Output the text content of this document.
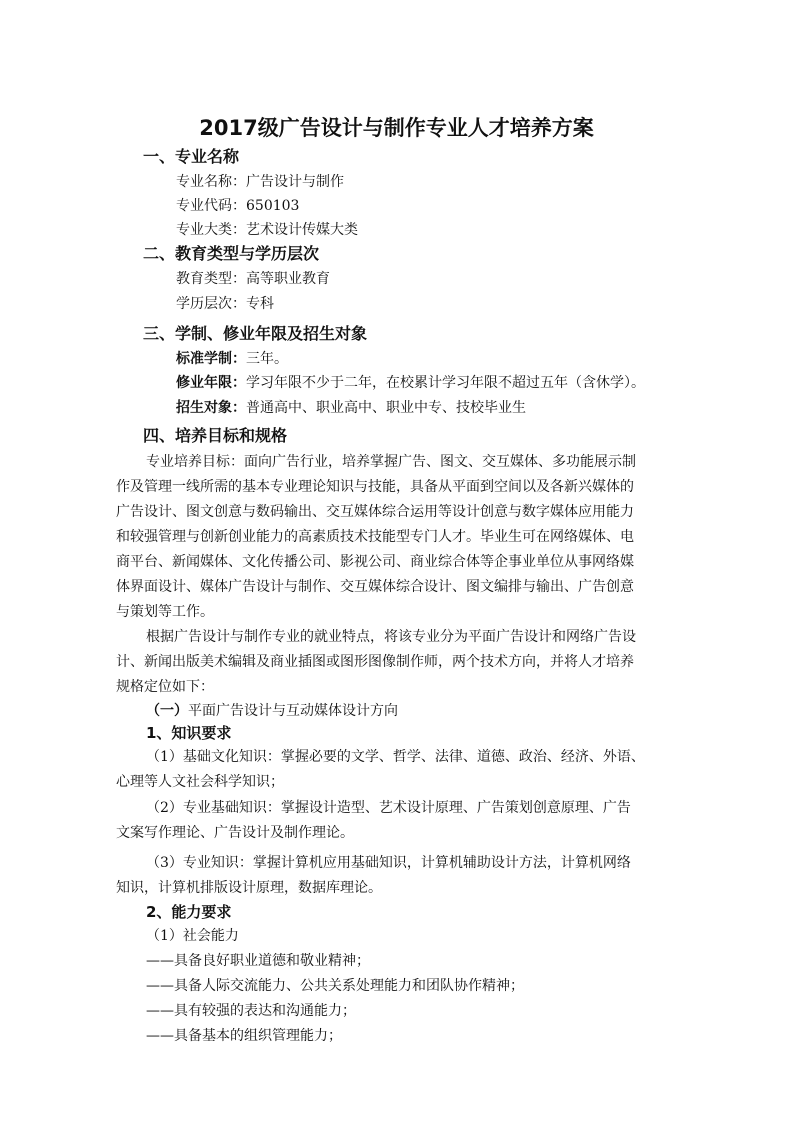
2017级广告设计与制作专业人才培养方案
一、专业名称
专业名称：广告设计与制作
专业代码：650103
专业大类：艺术设计传媒大类
二、教育类型与学历层次
教育类型：高等职业教育
学历层次：专科
三、学制、修业年限及招生对象
标准学制：三年。
修业年限：学习年限不少于二年，在校累计学习年限不超过五年（含休学）。
招生对象：普通高中、职业高中、职业中专、技校毕业生
四、培养目标和规格
专业培养目标：面向广告行业，培养掌握广告、图文、交互媒体、多功能展示制
作及管理一线所需的基本专业理论知识与技能，具备从平面到空间以及各新兴媒体的
广告设计、图文创意与数码输出、交互媒体综合运用等设计创意与数字媒体应用能力
和较强管理与创新创业能力的高素质技术技能型专门人才。毕业生可在网络媒体、电
商平台、新闻媒体、文化传播公司、影视公司、商业综合体等企事业单位从事网络媒
体界面设计、媒体广告设计与制作、交互媒体综合设计、图文编排与输出、广告创意
与策划等工作。
根据广告设计与制作专业的就业特点，将该专业分为平面广告设计和网络广告设
计、新闻出版美术编辑及商业插图或图形图像制作师，两个技术方向，并将人才培养
规格定位如下：
（一）平面广告设计与互动媒体设计方向
1、知识要求
（1）基础文化知识：掌握必要的文学、哲学、法律、道德、政治、经济、外语、
心理等人文社会科学知识；
（2）专业基础知识：掌握设计造型、艺术设计原理、广告策划创意原理、广告
文案写作理论、广告设计及制作理论。
（3）专业知识：掌握计算机应用基础知识，计算机辅助设计方法，计算机网络
知识，计算机排版设计原理，数据库理论。
2、能力要求
（1）社会能力
——具备良好职业道德和敬业精神；
——具备人际交流能力、公共关系处理能力和团队协作精神；
——具有较强的表达和沟通能力；
——具备基本的组织管理能力；
